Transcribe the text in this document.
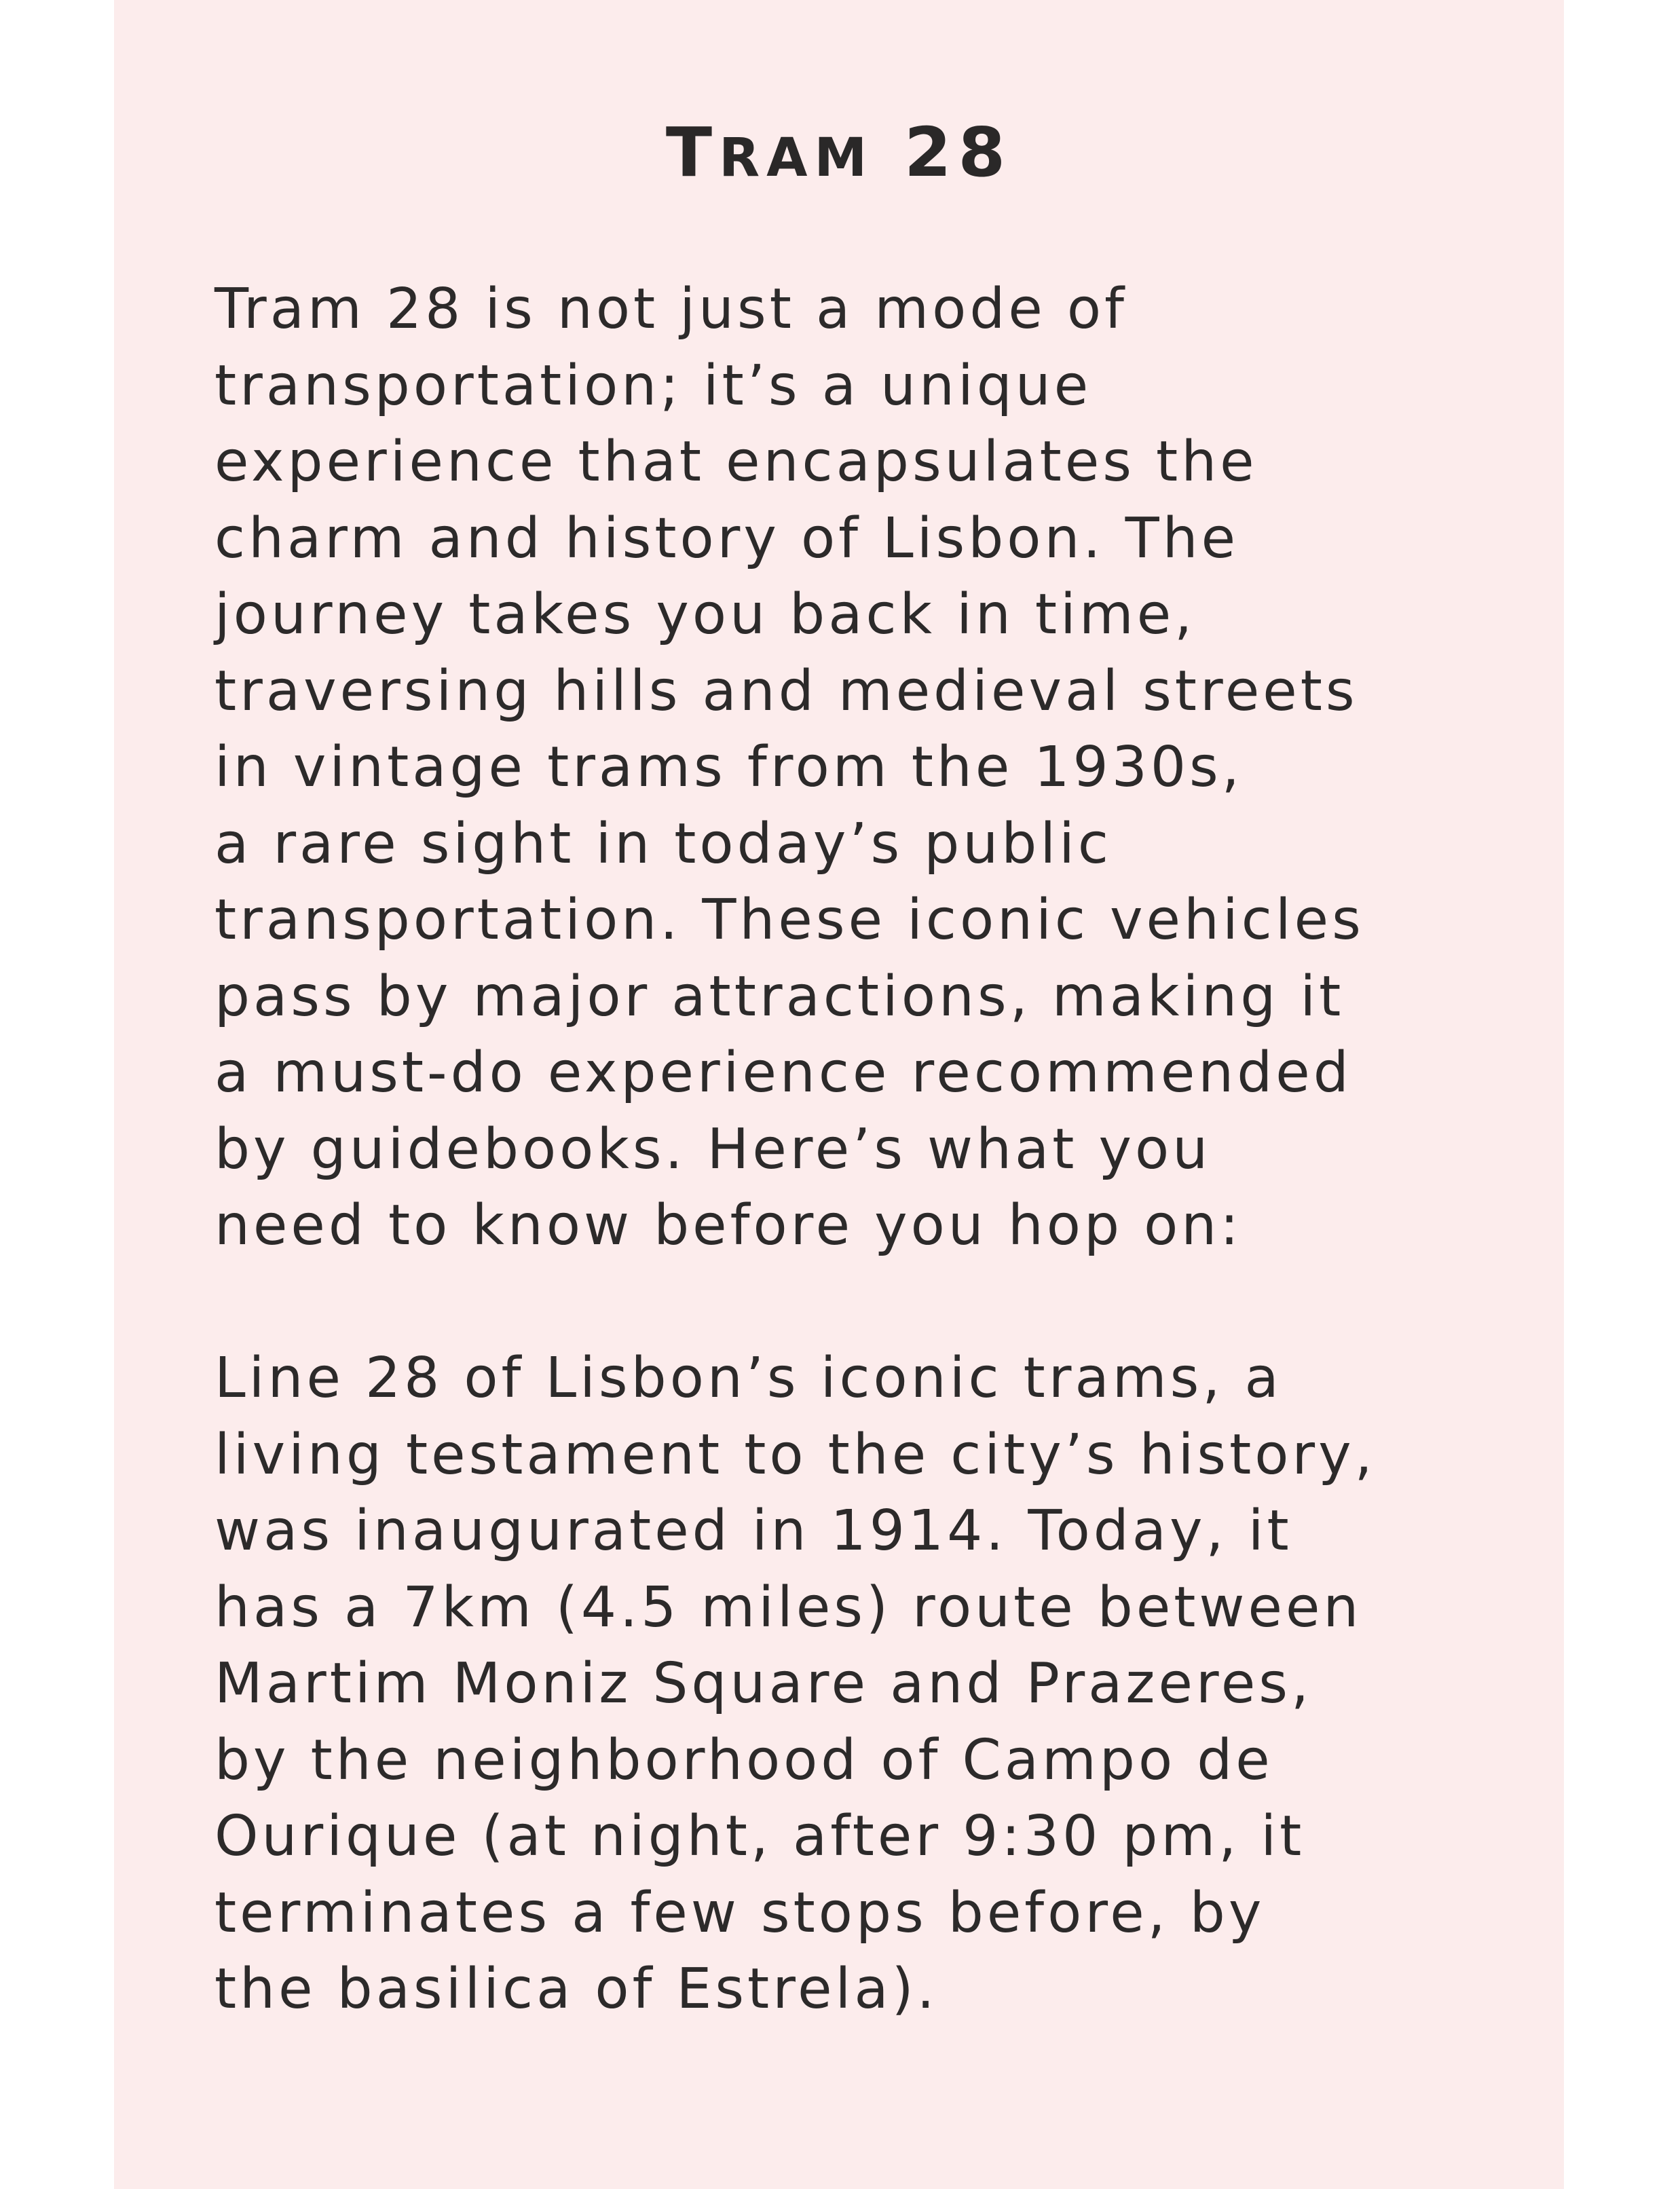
TRAM 28

Tram 28 is not just a mode of
transportation; it’s a unique
experience that encapsulates the
charm and history of Lisbon. The
journey takes you back in time,
traversing hills and medieval streets
in vintage trams from the 1930s,
a rare sight in today’s public
transportation. These iconic vehicles
pass by major attractions, making it
a must-do experience recommended
by guidebooks. Here’s what you
need to know before you hop on:

Line 28 of Lisbon’s iconic trams, a
living testament to the city’s history,
was inaugurated in 1914. Today, it
has a 7km (4.5 miles) route between
Martim Moniz Square and Prazeres,
by the neighborhood of Campo de
Ourique (at night, after 9:30 pm, it
terminates a few stops before, by
the basilica of Estrela).
